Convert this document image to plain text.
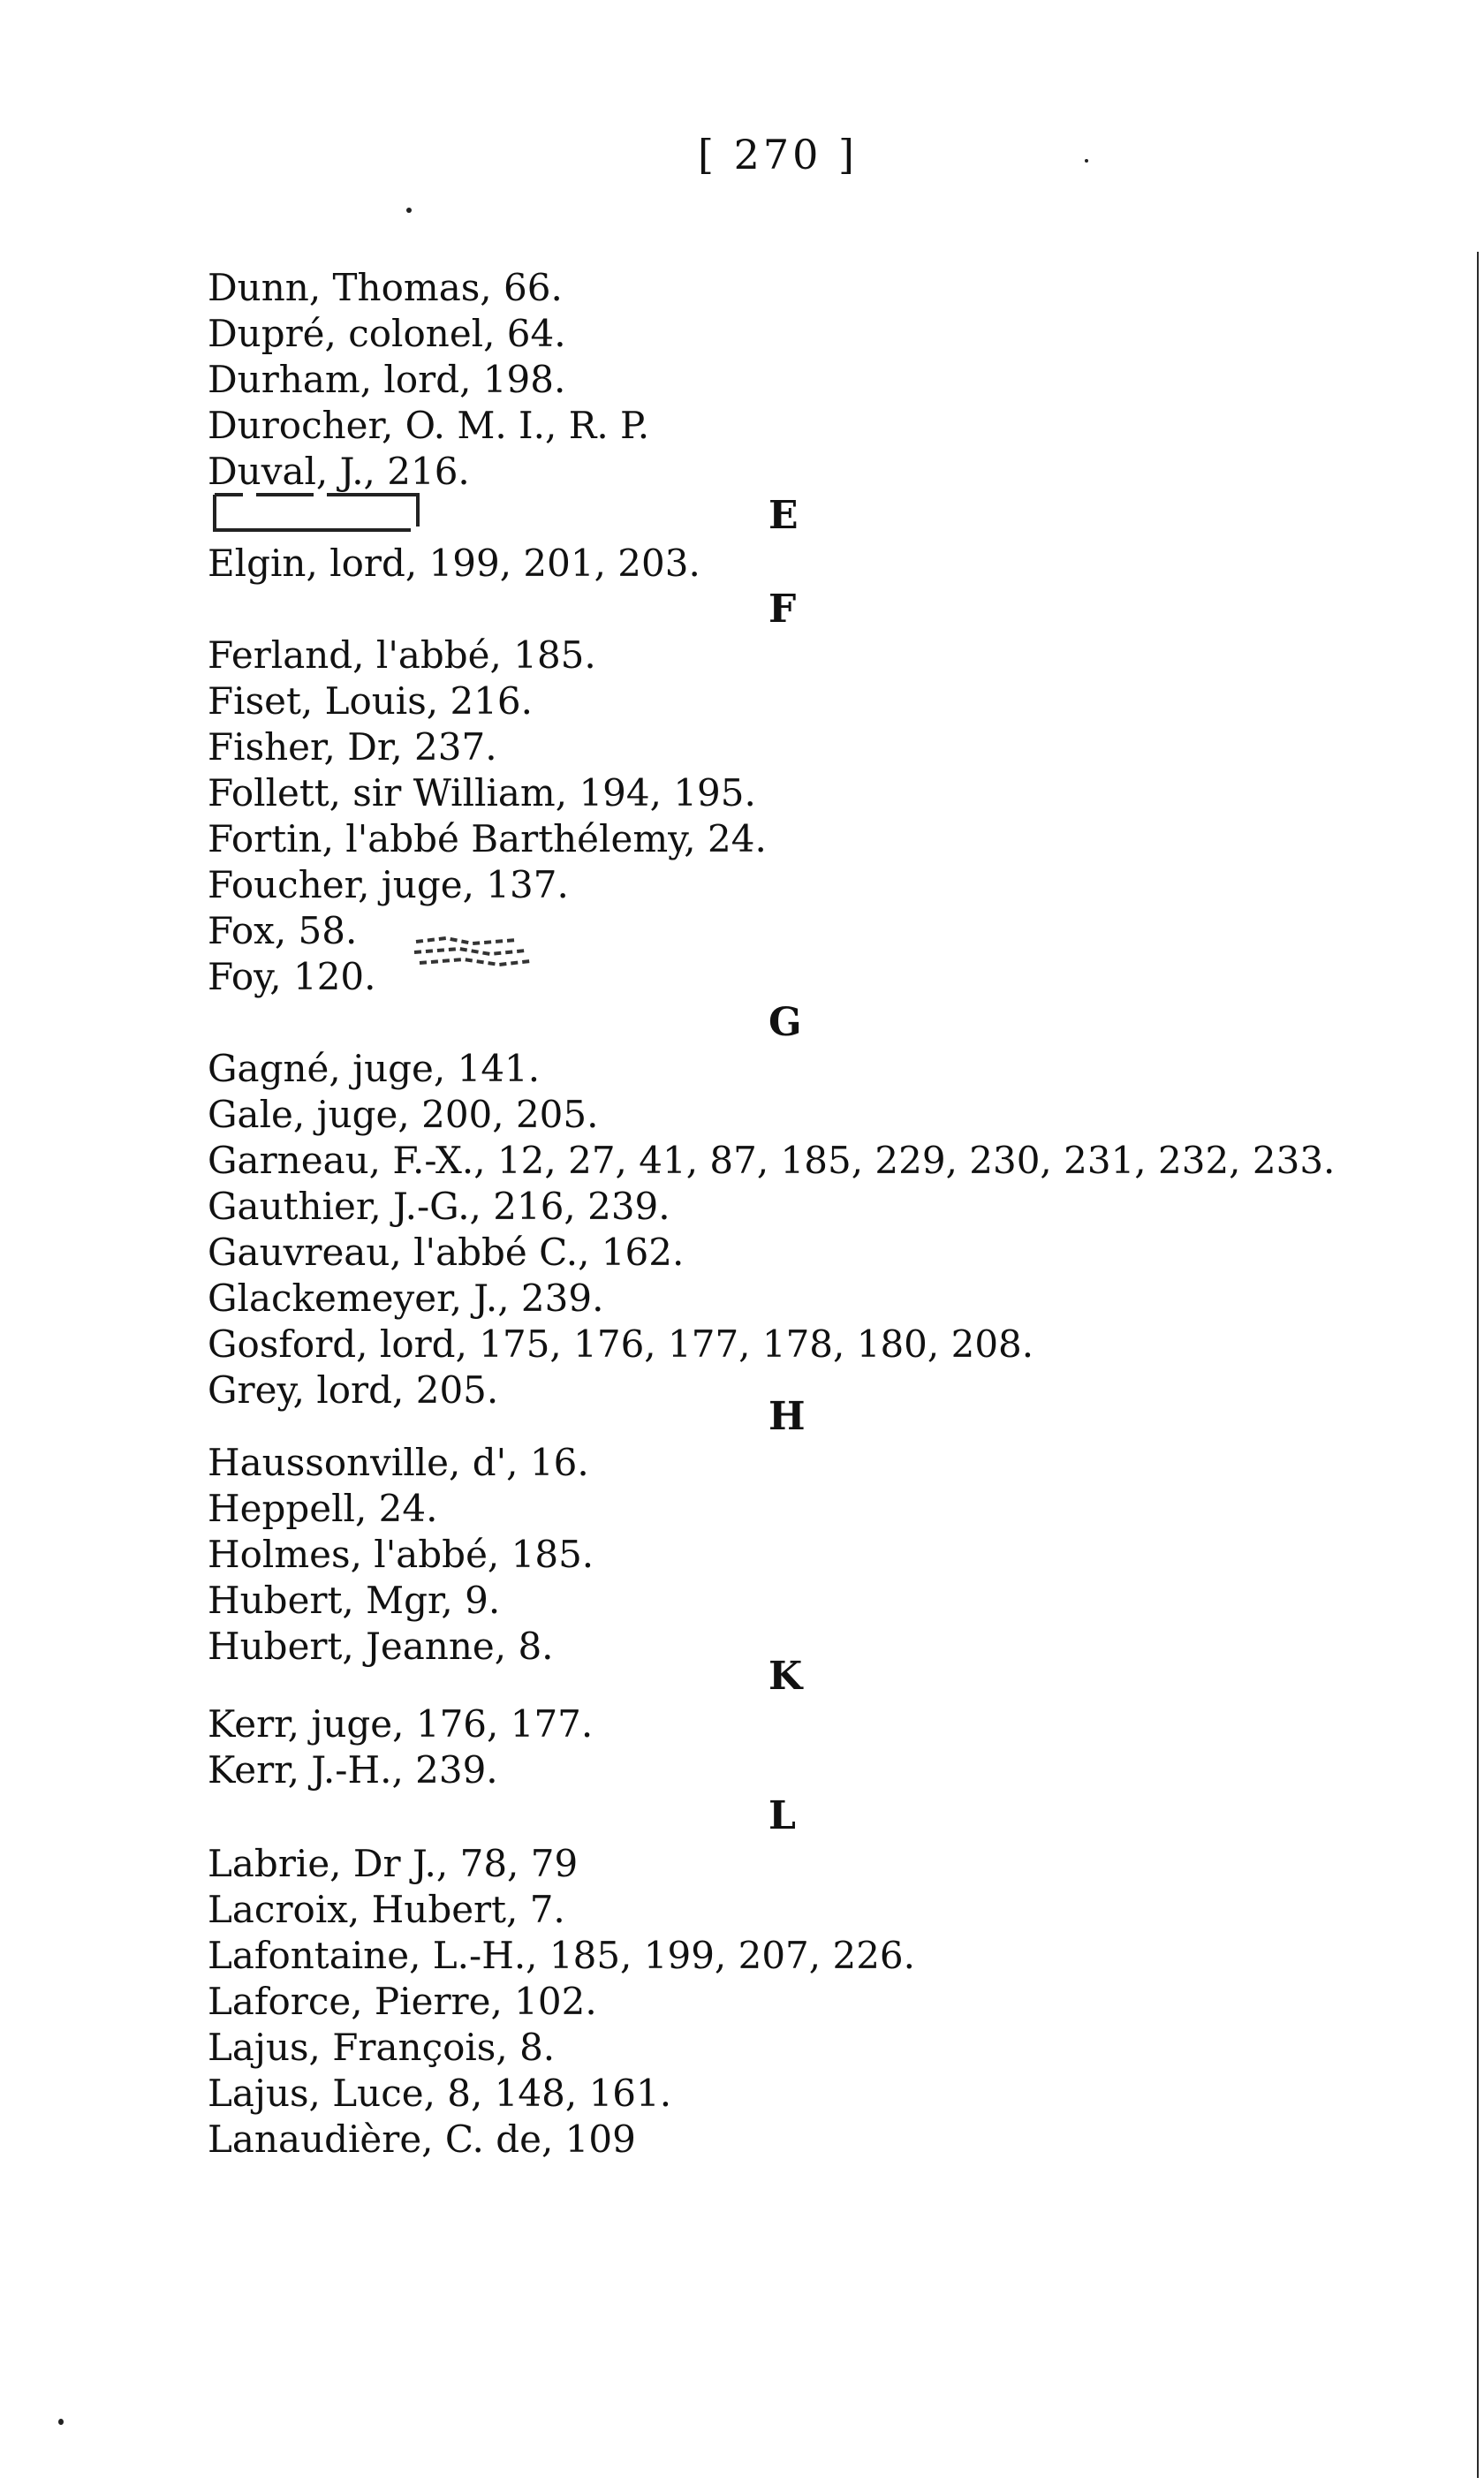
[ 270 ]
Dunn, Thomas, 66.
Dupré, colonel, 64.
Durham, lord, 198.
Durocher, O. M. I., R. P.
Duval, J., 216.
E
Elgin, lord, 199, 201, 203.
F
Ferland, l'abbé, 185.
Fiset, Louis, 216.
Fisher, Dr, 237.
Follett, sir William, 194, 195.
Fortin, l'abbé Barthélemy, 24.
Foucher, juge, 137.
Fox, 58.
Foy, 120.
G
Gagné, juge, 141.
Gale, juge, 200, 205.
Garneau, F.-X., 12, 27, 41, 87, 185, 229, 230, 231, 232, 233.
Gauthier, J.-G., 216, 239.
Gauvreau, l'abbé C., 162.
Glackemeyer, J., 239.
Gosford, lord, 175, 176, 177, 178, 180, 208.
Grey, lord, 205.
H
Haussonville, d', 16.
Heppell, 24.
Holmes, l'abbé, 185.
Hubert, Mgr, 9.
Hubert, Jeanne, 8.
K
Kerr, juge, 176, 177.
Kerr, J.-H., 239.
L
Labrie, Dr J., 78, 79
Lacroix, Hubert, 7.
Lafontaine, L.-H., 185, 199, 207, 226.
Laforce, Pierre, 102.
Lajus, François, 8.
Lajus, Luce, 8, 148, 161.
Lanaudière, C. de, 109
